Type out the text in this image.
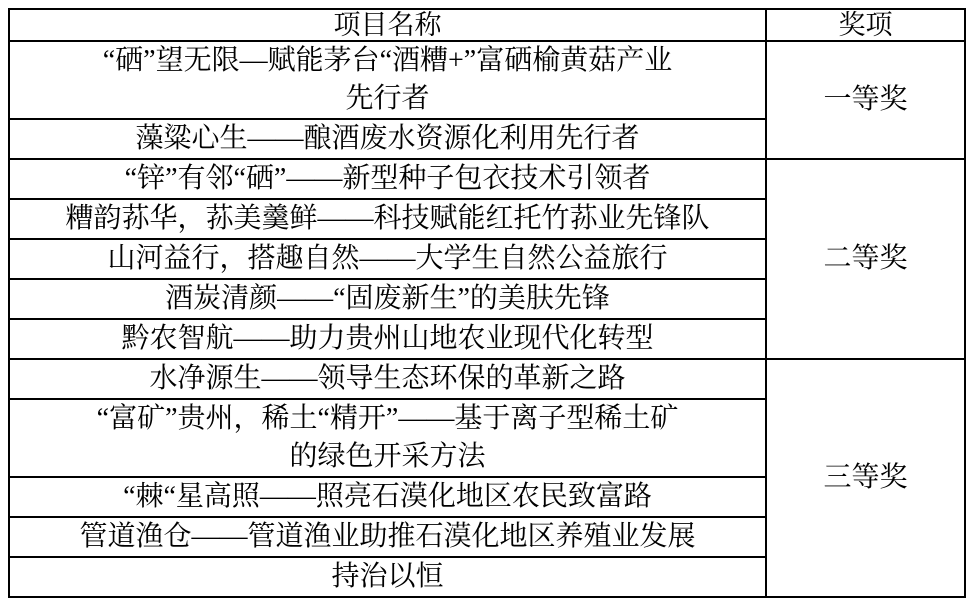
项目名称	奖项

“硒”望无限—赋能茅台“酒糟+”富硒榆黄菇产业
先行者	一等奖

藻粱心生——酿酒废水资源化利用先行者	

“锌”有邻“硒”——新型种子包衣技术引领者	二等奖

糟韵荪华，荪美羹鲜——科技赋能红托竹荪业先锋队	

山河益行，搭趣自然——大学生自然公益旅行	

酒炭清颜——“固废新生”的美肤先锋	

黔农智航——助力贵州山地农业现代化转型	

水净源生——领导生态环保的革新之路	三等奖

“富矿”贵州，稀土“精开”——基于离子型稀土矿
的绿色开采方法	

“棘“星高照——照亮石漠化地区农民致富路	

管道渔仓——管道渔业助推石漠化地区养殖业发展	

持治以恒	
